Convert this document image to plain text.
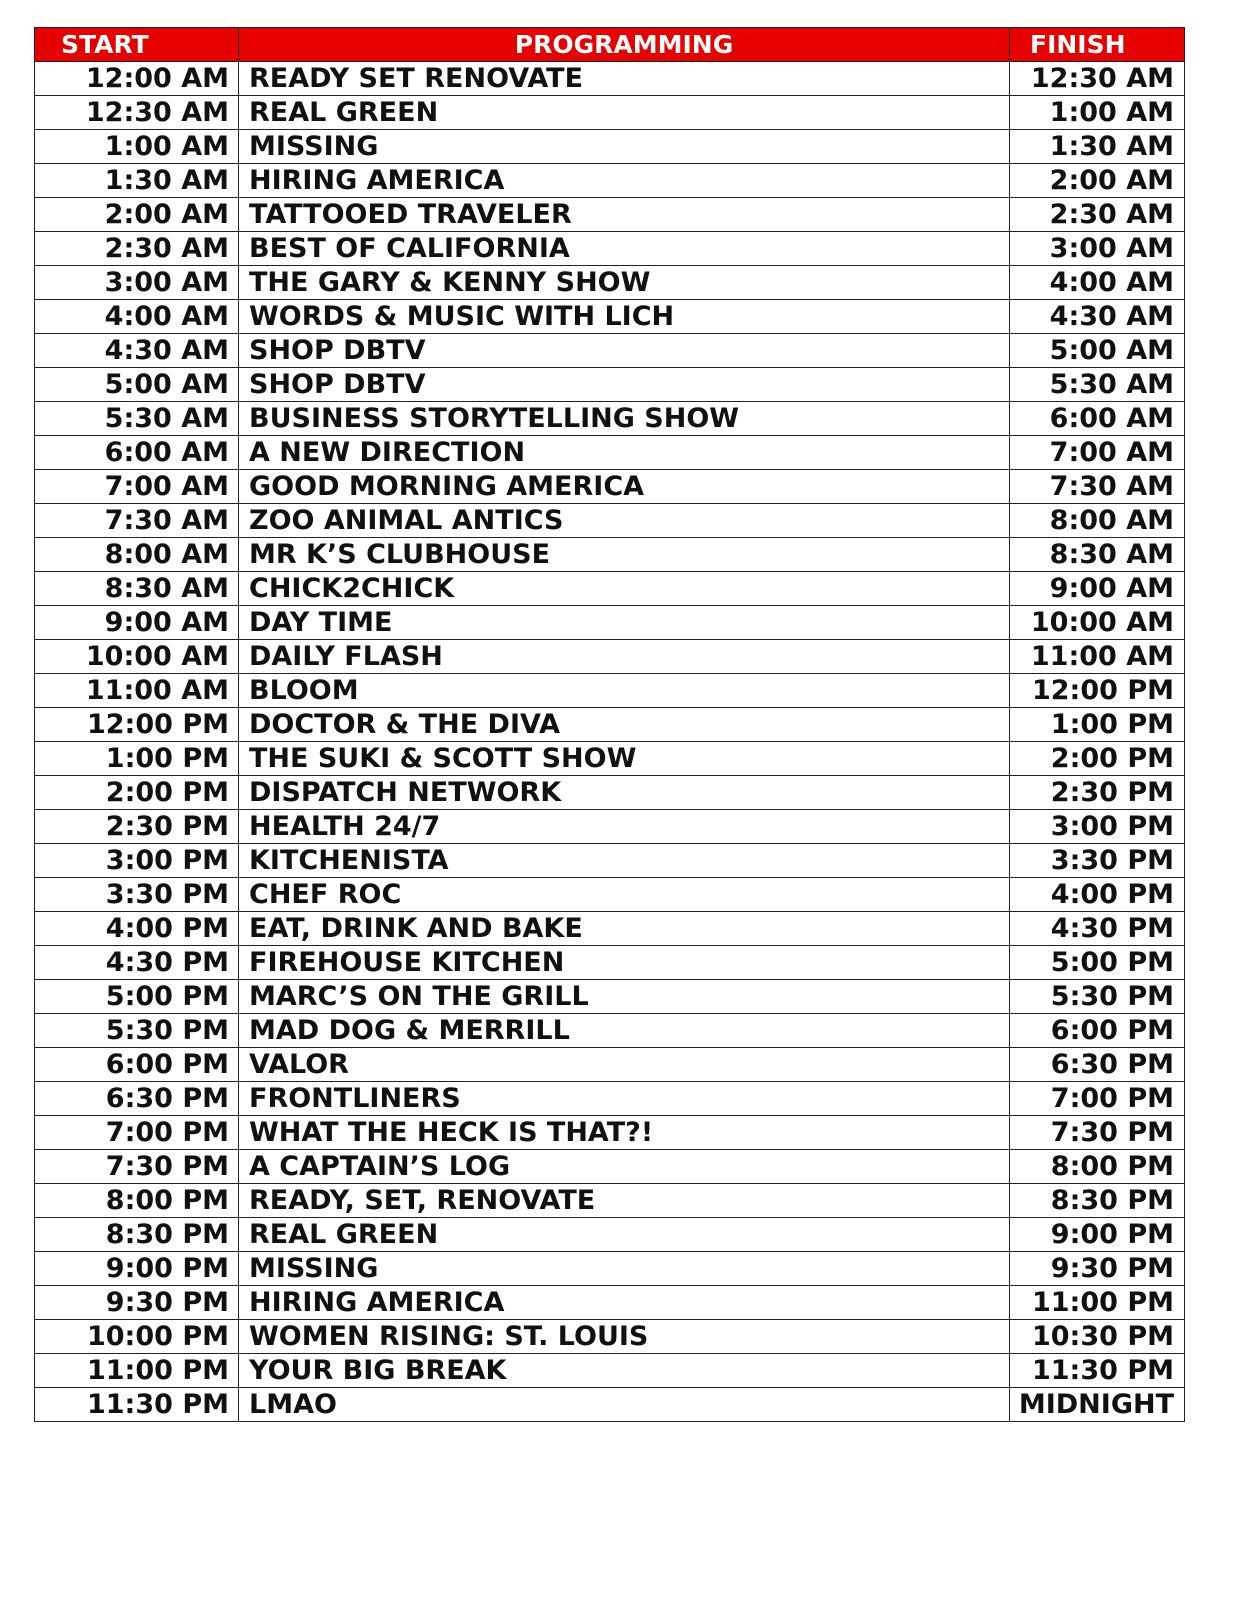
START	PROGRAMMING	FINISH
12:00 AM	READY SET RENOVATE	12:30 AM
12:30 AM	REAL GREEN	1:00 AM
1:00 AM	MISSING	1:30 AM
1:30 AM	HIRING AMERICA	2:00 AM
2:00 AM	TATTOOED TRAVELER	2:30 AM
2:30 AM	BEST OF CALIFORNIA	3:00 AM
3:00 AM	THE GARY & KENNY SHOW	4:00 AM
4:00 AM	WORDS & MUSIC WITH LICH	4:30 AM
4:30 AM	SHOP DBTV	5:00 AM
5:00 AM	SHOP DBTV	5:30 AM
5:30 AM	BUSINESS STORYTELLING SHOW	6:00 AM
6:00 AM	A NEW DIRECTION	7:00 AM
7:00 AM	GOOD MORNING AMERICA	7:30 AM
7:30 AM	ZOO ANIMAL ANTICS	8:00 AM
8:00 AM	MR K’S CLUBHOUSE	8:30 AM
8:30 AM	CHICK2CHICK	9:00 AM
9:00 AM	DAY TIME	10:00 AM
10:00 AM	DAILY FLASH	11:00 AM
11:00 AM	BLOOM	12:00 PM
12:00 PM	DOCTOR & THE DIVA	1:00 PM
1:00 PM	THE SUKI & SCOTT SHOW	2:00 PM
2:00 PM	DISPATCH NETWORK	2:30 PM
2:30 PM	HEALTH 24/7	3:00 PM
3:00 PM	KITCHENISTA	3:30 PM
3:30 PM	CHEF ROC	4:00 PM
4:00 PM	EAT, DRINK AND BAKE	4:30 PM
4:30 PM	FIREHOUSE KITCHEN	5:00 PM
5:00 PM	MARC’S ON THE GRILL	5:30 PM
5:30 PM	MAD DOG & MERRILL	6:00 PM
6:00 PM	VALOR	6:30 PM
6:30 PM	FRONTLINERS	7:00 PM
7:00 PM	WHAT THE HECK IS THAT?!	7:30 PM
7:30 PM	A CAPTAIN’S LOG	8:00 PM
8:00 PM	READY, SET, RENOVATE	8:30 PM
8:30 PM	REAL GREEN	9:00 PM
9:00 PM	MISSING	9:30 PM
9:30 PM	HIRING AMERICA	11:00 PM
10:00 PM	WOMEN RISING: ST. LOUIS	10:30 PM
11:00 PM	YOUR BIG BREAK	11:30 PM
11:30 PM	LMAO	MIDNIGHT
